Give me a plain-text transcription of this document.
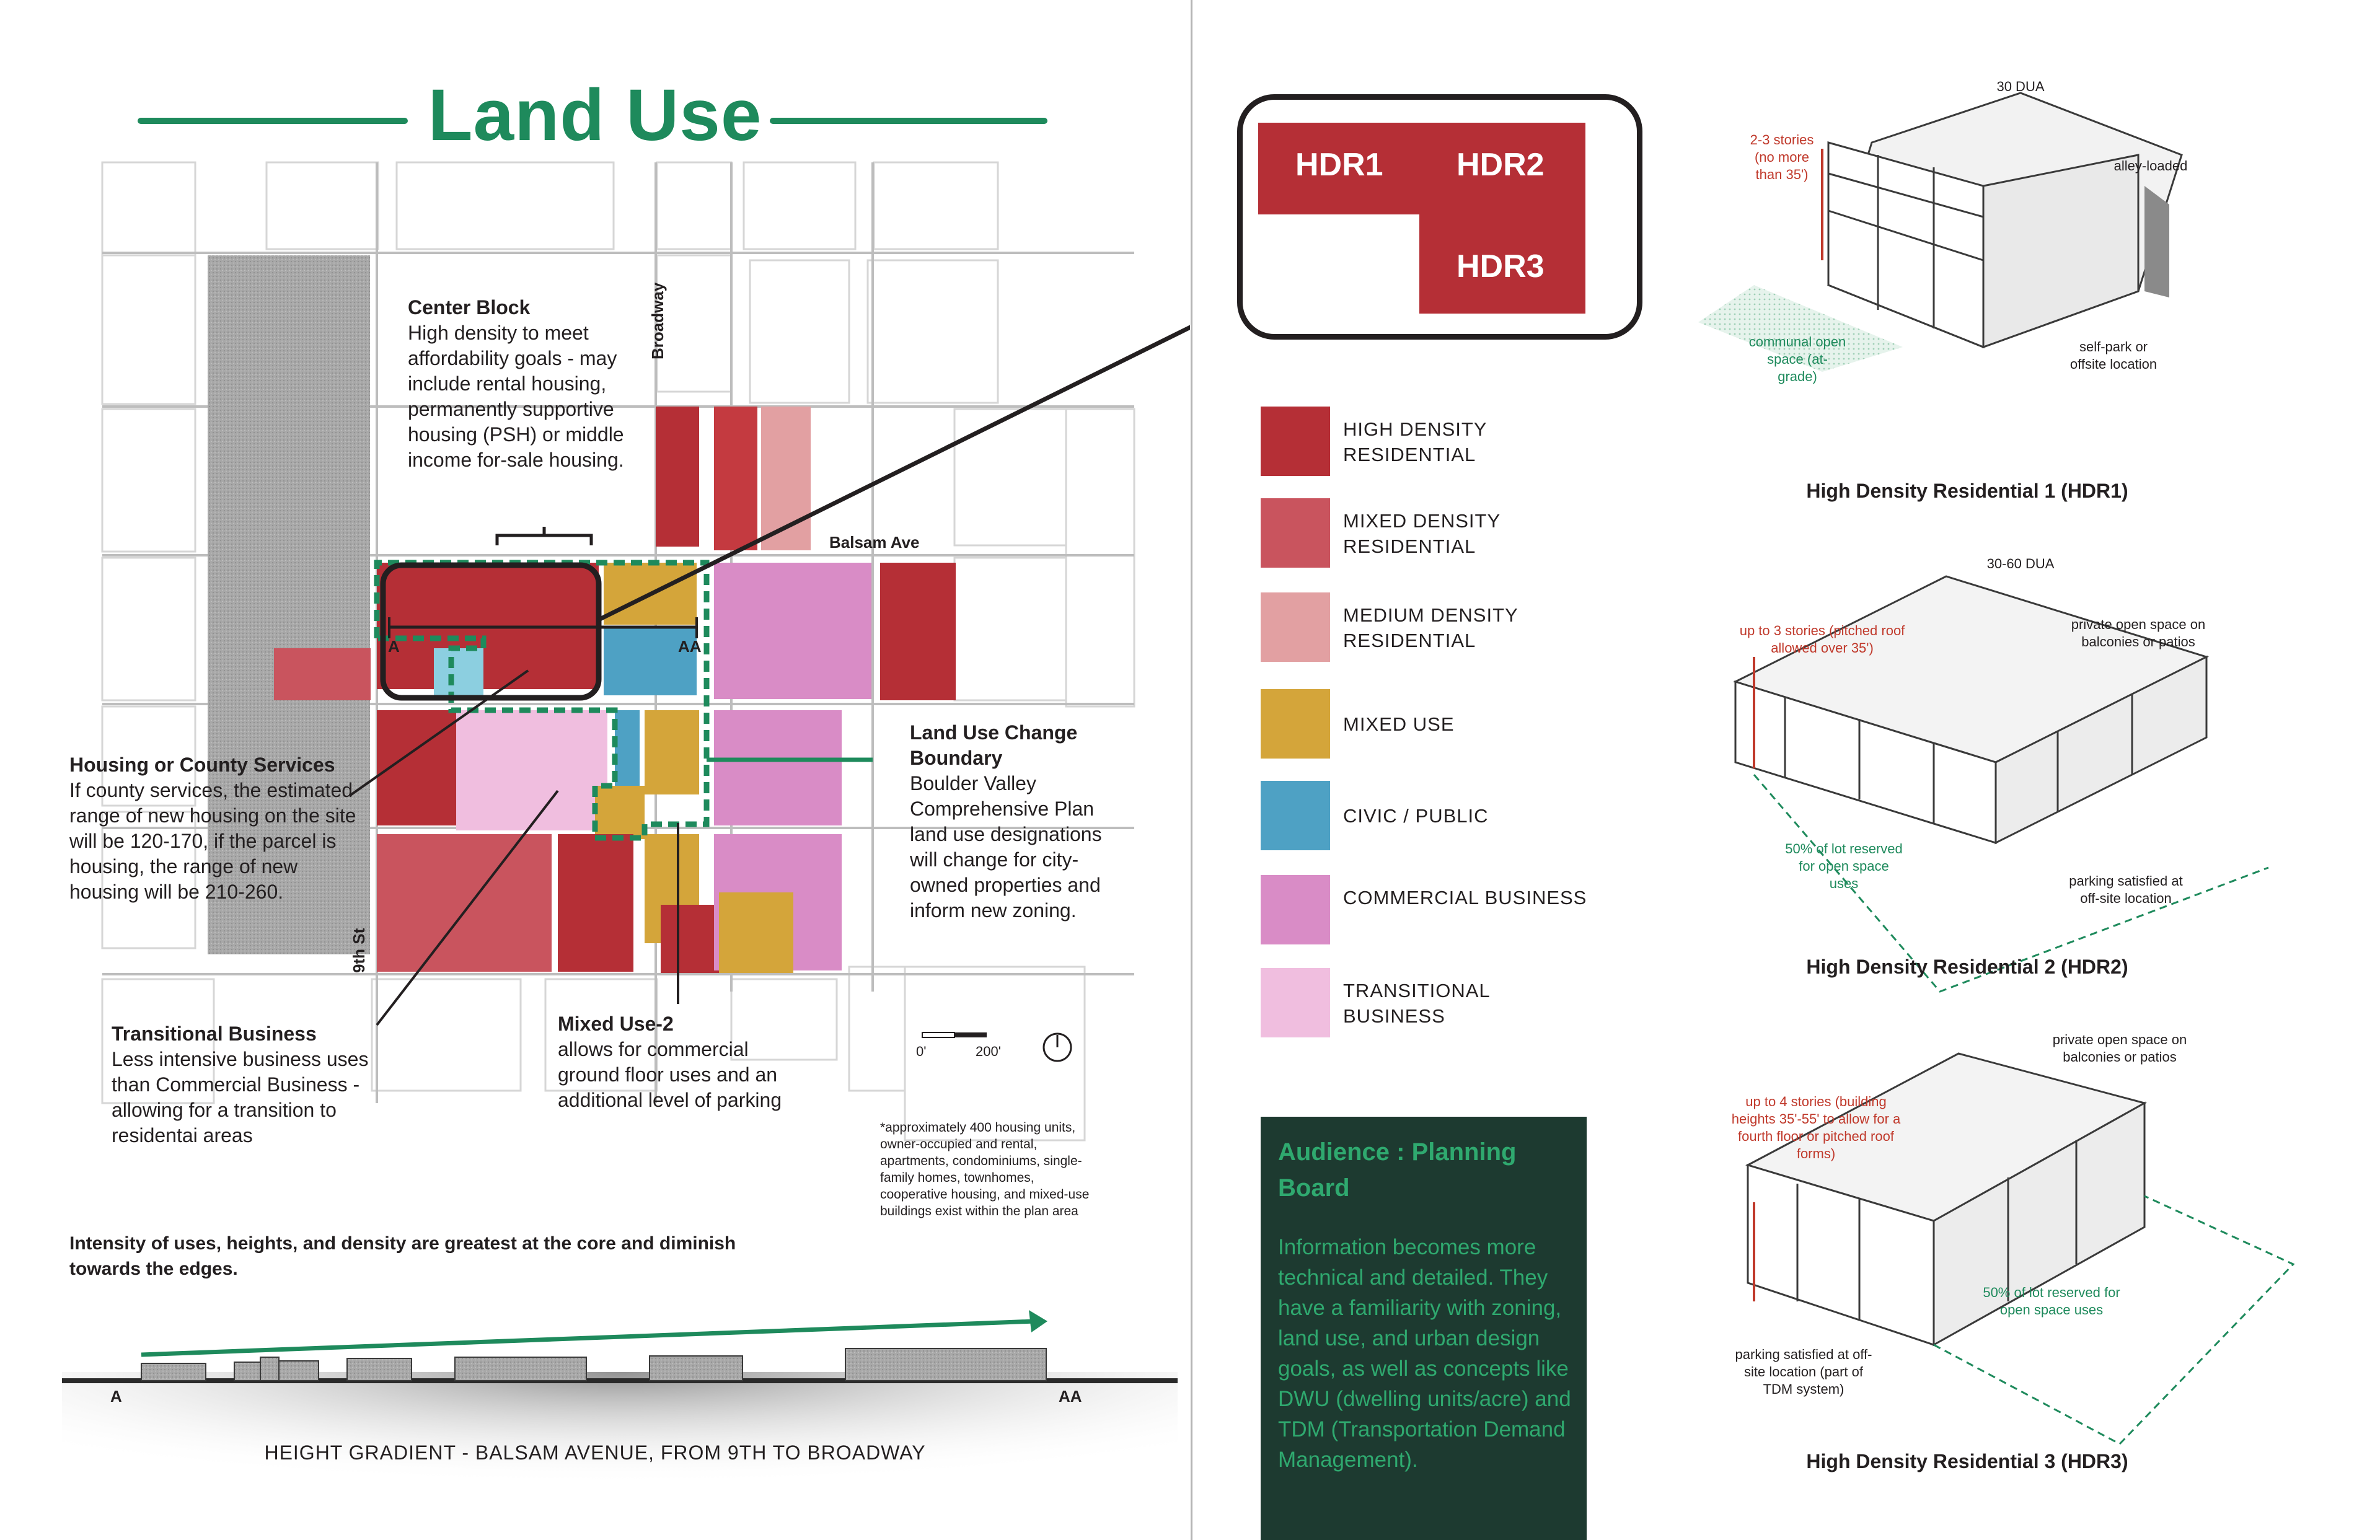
Land Use
Broadway
Balsam Ave
9th St
A	AA
0'	200'
Center Block
High density to meet affordability goals - may include rental housing, permanently supportive housing (PSH) or middle income for-sale housing.
Housing or County Services
If county services, the estimated range of new housing on the site will be 120-170, if the parcel is housing, the range of new housing will be 210-260.
Land Use Change Boundary
Boulder Valley Comprehensive Plan land use designations will change for city-owned properties and inform new zoning.
Transitional Business
Less intensive business uses than Commercial Business - allowing for a transition to residentai areas
Mixed Use-2
allows for commercial ground floor uses and an additional level of parking
*approximately 400 housing units, owner-occupied and rental, apartments, condominiums, single-family homes, townhomes, cooperative housing, and mixed-use buildings exist within the plan area
Intensity of uses, heights, and density are greatest at the core and diminish towards the edges.
A	AA
HEIGHT GRADIENT - BALSAM AVENUE, FROM 9TH TO BROADWAY
HDR1 HDR2
HDR3
HIGH DENSITY RESIDENTIAL
MIXED DENSITY RESIDENTIAL
MEDIUM DENSITY RESIDENTIAL
MIXED USE
CIVIC / PUBLIC
COMMERCIAL BUSINESS
TRANSITIONAL BUSINESS
Audience : Planning Board
Information becomes more technical and detailed. They have a familiarity with zoning, land use, and urban design goals, as well as concepts like DWU (dwelling units/acre) and TDM (Transportation Demand Management).
30 DUA
2-3 stories (no more than 35')
alley-loaded
communal open space (at-grade)
self-park or offsite location
High Density Residential 1 (HDR1)
30-60 DUA
up to 3 stories (pitched roof allowed over 35')
private open space on balconies or patios
50% of lot reserved for open space uses	parking satisfied at off-site location
High Density Residential 2 (HDR2)
private open space on balconies or patios
up to 4 stories (building heights 35'-55' to allow for a fourth floor or pitched roof forms)
50% of lot reserved for open space uses
parking satisfied at off-site location (part of TDM system)
High Density Residential 3 (HDR3)
